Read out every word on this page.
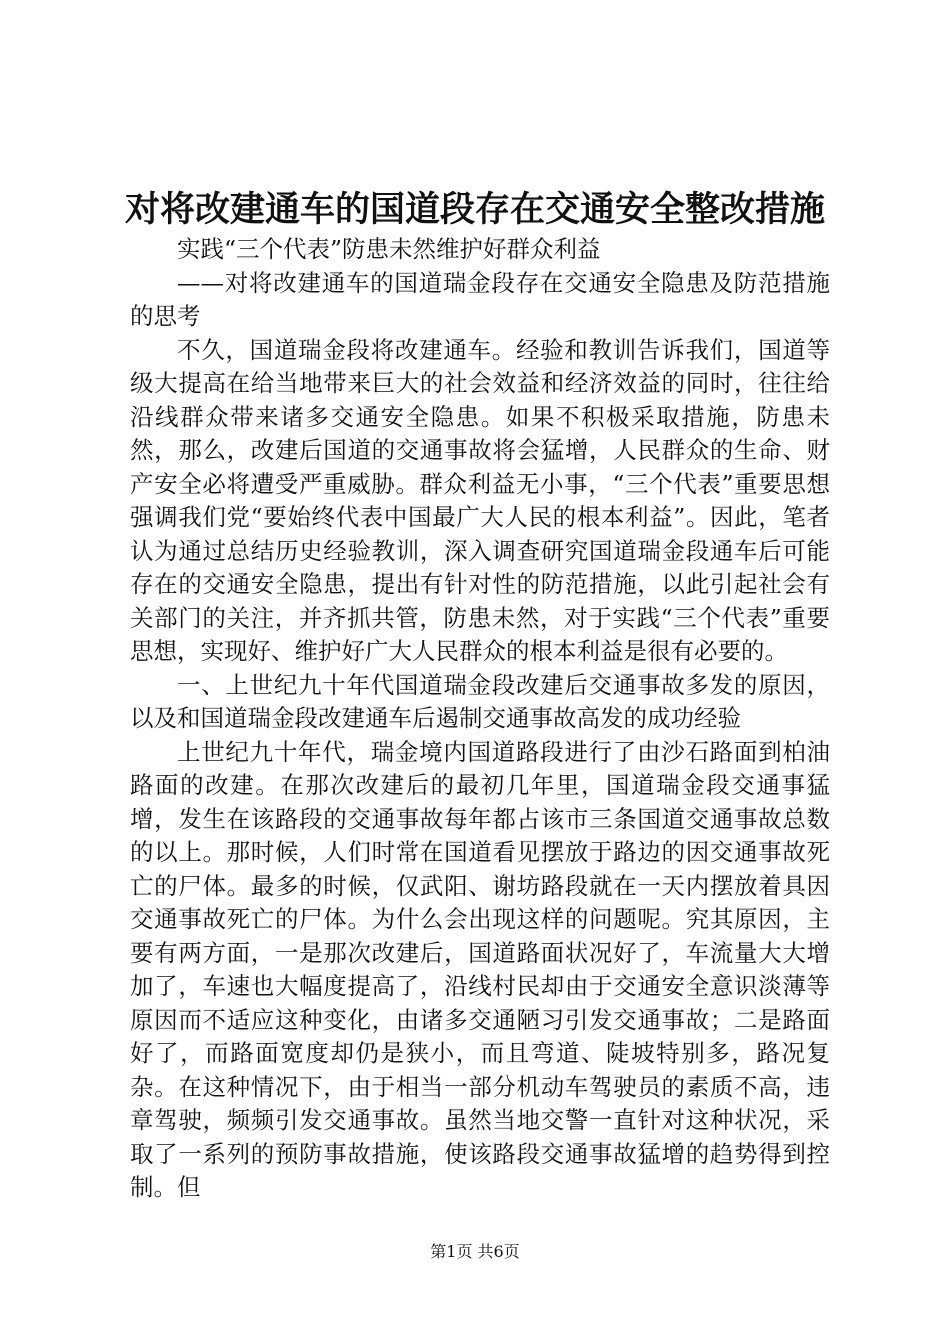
对将改建通车的国道段存在交通安全整改措施

实践“三个代表”防患未然维护好群众利益

——对将改建通车的国道瑞金段存在交通安全隐患及防范措施的思考

不久，国道瑞金段将改建通车。经验和教训告诉我们，国道等级大提高在给当地带来巨大的社会效益和经济效益的同时，往往给沿线群众带来诸多交通安全隐患。如果不积极采取措施，防患未然，那么，改建后国道的交通事故将会猛增，人民群众的生命、财产安全必将遭受严重威胁。群众利益无小事，“三个代表”重要思想强调我们党“要始终代表中国最广大人民的根本利益”。因此，笔者认为通过总结历史经验教训，深入调查研究国道瑞金段通车后可能存在的交通安全隐患，提出有针对性的防范措施，以此引起社会有关部门的关注，并齐抓共管，防患未然，对于实践“三个代表”重要思想，实现好、维护好广大人民群众的根本利益是很有必要的。

一、上世纪九十年代国道瑞金段改建后交通事故多发的原因，以及和国道瑞金段改建通车后遏制交通事故高发的成功经验

上世纪九十年代，瑞金境内国道路段进行了由沙石路面到柏油路面的改建。在那次改建后的最初几年里，国道瑞金段交通事猛增，发生在该路段的交通事故每年都占该市三条国道交通事故总数的以上。那时候，人们时常在国道看见摆放于路边的因交通事故死亡的尸体。最多的时候，仅武阳、谢坊路段就在一天内摆放着具因交通事故死亡的尸体。为什么会出现这样的问题呢。究其原因，主要有两方面，一是那次改建后，国道路面状况好了，车流量大大增加了，车速也大幅度提高了，沿线村民却由于交通安全意识淡薄等原因而不适应这种变化，由诸多交通陋习引发交通事故；二是路面好了，而路面宽度却仍是狭小，而且弯道、陡坡特别多，路况复杂。在这种情况下，由于相当一部分机动车驾驶员的素质不高，违章驾驶，频频引发交通事故。虽然当地交警一直针对这种状况，采取了一系列的预防事故措施，使该路段交通事故猛增的趋势得到控制。但

第1页 共6页
